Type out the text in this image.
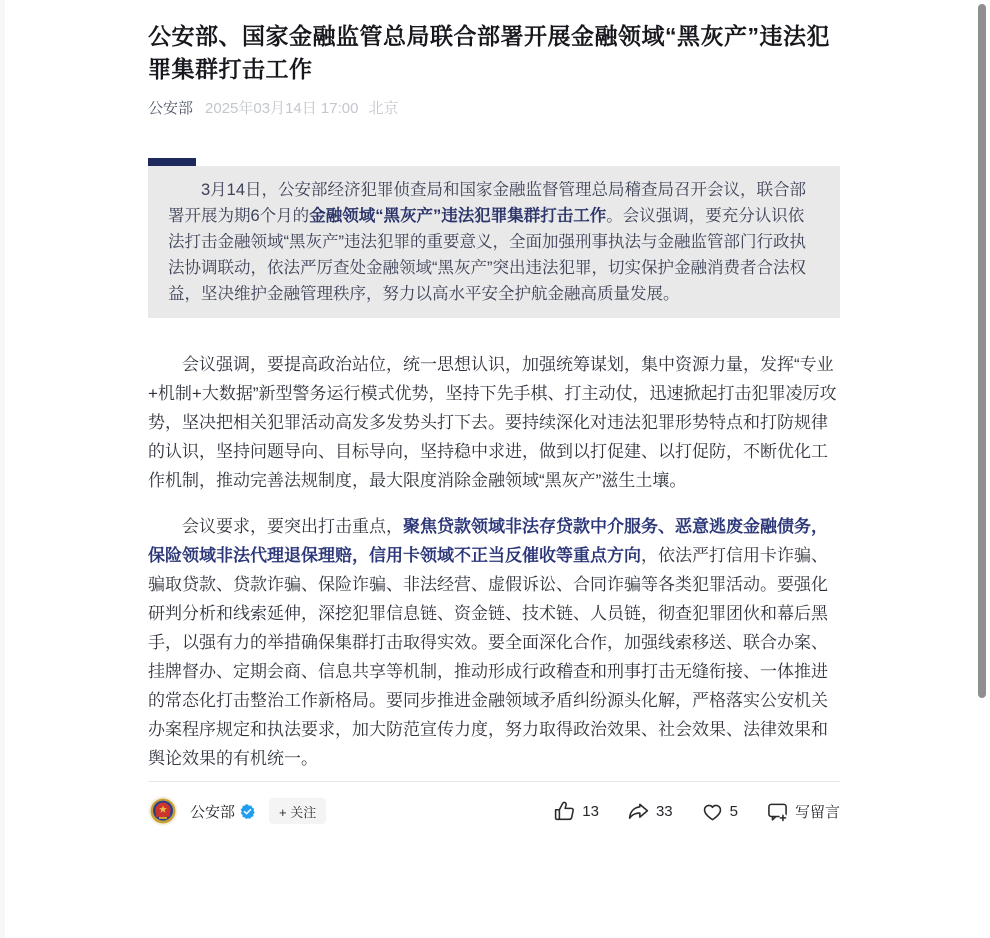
公安部、国家金融监管总局联合部署开展金融领域“黑灰产”违法犯罪集群打击工作
公安部 2025年03月14日 17:00 北京
3月14日，公安部经济犯罪侦查局和国家金融监督管理总局稽查局召开会议，联合部署开展为期6个月的金融领域“黑灰产”违法犯罪集群打击工作。会议强调，要充分认识依法打击金融领域“黑灰产”违法犯罪的重要意义，全面加强刑事执法与金融监管部门行政执法协调联动，依法严厉查处金融领域“黑灰产”突出违法犯罪，切实保护金融消费者合法权益，坚决维护金融管理秩序，努力以高水平安全护航金融高质量发展。

会议强调，要提高政治站位，统一思想认识，加强统筹谋划，集中资源力量，发挥“专业+机制+大数据”新型警务运行模式优势，坚持下先手棋、打主动仗，迅速掀起打击犯罪凌厉攻势，坚决把相关犯罪活动高发多发势头打下去。要持续深化对违法犯罪形势特点和打防规律的认识，坚持问题导向、目标导向，坚持稳中求进，做到以打促建、以打促防，不断优化工作机制，推动完善法规制度，最大限度消除金融领域“黑灰产”滋生土壤。

会议要求，要突出打击重点，聚焦贷款领域非法存贷款中介服务、恶意逃废金融债务，保险领域非法代理退保理赔，信用卡领域不正当反催收等重点方向，依法严打信用卡诈骗、骗取贷款、贷款诈骗、保险诈骗、非法经营、虚假诉讼、合同诈骗等各类犯罪活动。要强化研判分析和线索延伸，深挖犯罪信息链、资金链、技术链、人员链，彻查犯罪团伙和幕后黑手，以强有力的举措确保集群打击取得实效。要全面深化合作，加强线索移送、联合办案、挂牌督办、定期会商、信息共享等机制，推动形成行政稽查和刑事打击无缝衔接、一体推进的常态化打击整治工作新格局。要同步推进金融领域矛盾纠纷源头化解，严格落实公安机关办案程序规定和执法要求，加大防范宣传力度，努力取得政治效果、社会效果、法律效果和舆论效果的有机统一。

公安部	+ 关注	13	33	5	写留言
